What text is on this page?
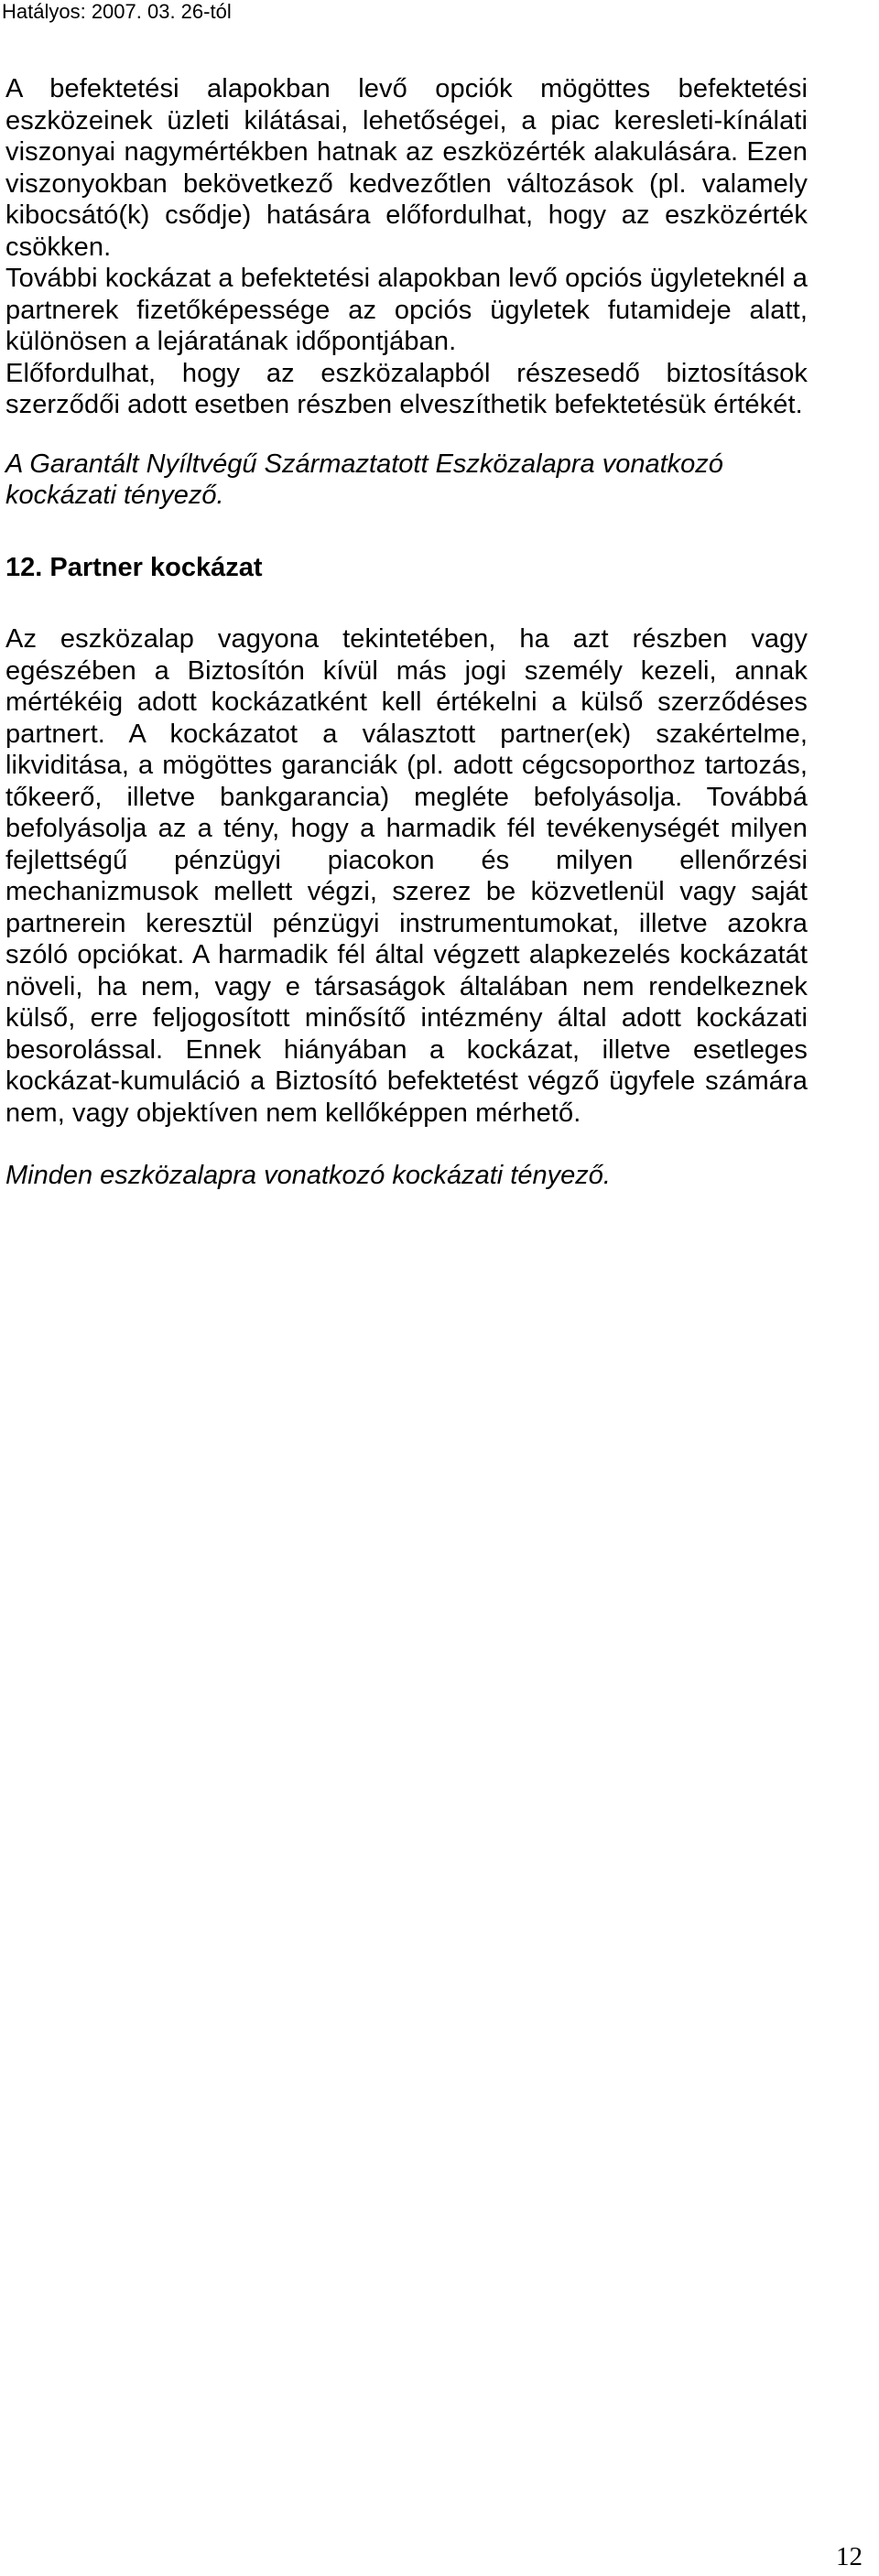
Hatályos: 2007. 03. 26-tól

A befektetési alapokban levő opciók mögöttes befektetési eszközeinek üzleti kilátásai, lehetőségei, a piac keresleti-kínálati viszonyai nagymértékben hatnak az eszközérték alakulására. Ezen viszonyokban bekövetkező kedvezőtlen változások (pl. valamely kibocsátó(k) csődje) hatására előfordulhat, hogy az eszközérték csökken.

További kockázat a befektetési alapokban levő opciós ügyleteknél a partnerek fizetőképessége az opciós ügyletek futamideje alatt, különösen a lejáratának időpontjában.

Előfordulhat, hogy az eszközalapból részesedő biztosítások szerződői adott esetben részben elveszíthetik befektetésük értékét.

A Garantált Nyíltvégű Származtatott Eszközalapra vonatkozó kockázati tényező.

12. Partner kockázat

Az eszközalap vagyona tekintetében, ha azt részben vagy egészében a Biztosítón kívül más jogi személy kezeli, annak mértékéig adott kockázatként kell értékelni a külső szerződéses partnert. A kockázatot a választott partner(ek) szakértelme, likviditása, a mögöttes garanciák (pl. adott cégcsoporthoz tartozás, tőkeerő, illetve bankgarancia) megléte befolyásolja. Továbbá befolyásolja az a tény, hogy a harmadik fél tevékenységét milyen fejlettségű pénzügyi piacokon és milyen ellenőrzési mechanizmusok mellett végzi, szerez be közvetlenül vagy saját partnerein keresztül pénzügyi instrumentumokat, illetve azokra szóló opciókat. A harmadik fél által végzett alapkezelés kockázatát növeli, ha nem, vagy e társaságok általában nem rendelkeznek külső, erre feljogosított minősítő intézmény által adott kockázati besorolással. Ennek hiányában a kockázat, illetve esetleges kockázat-kumuláció a Biztosító befektetést végző ügyfele számára nem, vagy objektíven nem kellőképpen mérhető.

Minden eszközalapra vonatkozó kockázati tényező.

12
